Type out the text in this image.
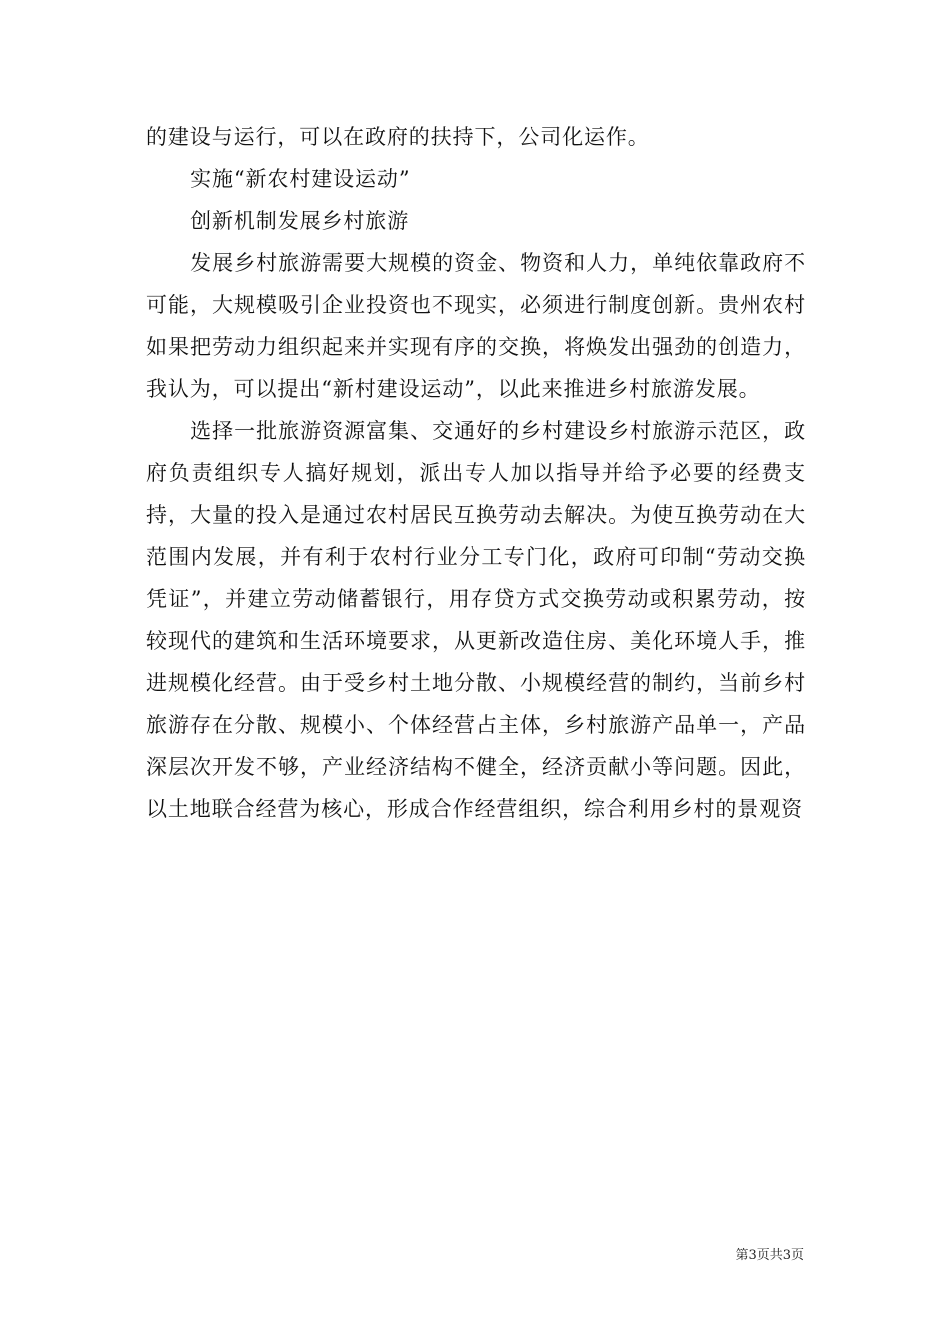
的建设与运行，可以在政府的扶持下，公司化运作。

实施“新农村建设运动”

创新机制发展乡村旅游

发展乡村旅游需要大规模的资金、物资和人力，单纯依靠政府不可能，大规模吸引企业投资也不现实，必须进行制度创新。贵州农村如果把劳动力组织起来并实现有序的交换，将焕发出强劲的创造力，我认为，可以提出“新村建设运动”，以此来推进乡村旅游发展。

选择一批旅游资源富集、交通好的乡村建设乡村旅游示范区，政府负责组织专人搞好规划，派出专人加以指导并给予必要的经费支持，大量的投入是通过农村居民互换劳动去解决。为使互换劳动在大范围内发展，并有利于农村行业分工专门化，政府可印制“劳动交换凭证”，并建立劳动储蓄银行，用存贷方式交换劳动或积累劳动，按较现代的建筑和生活环境要求，从更新改造住房、美化环境人手，推进规模化经营。由于受乡村土地分散、小规模经营的制约，当前乡村旅游存在分散、规模小、个体经营占主体，乡村旅游产品单一，产品深层次开发不够，产业经济结构不健全，经济贡献小等问题。因此，以土地联合经营为核心，形成合作经营组织，综合利用乡村的景观资

第3页共3页
